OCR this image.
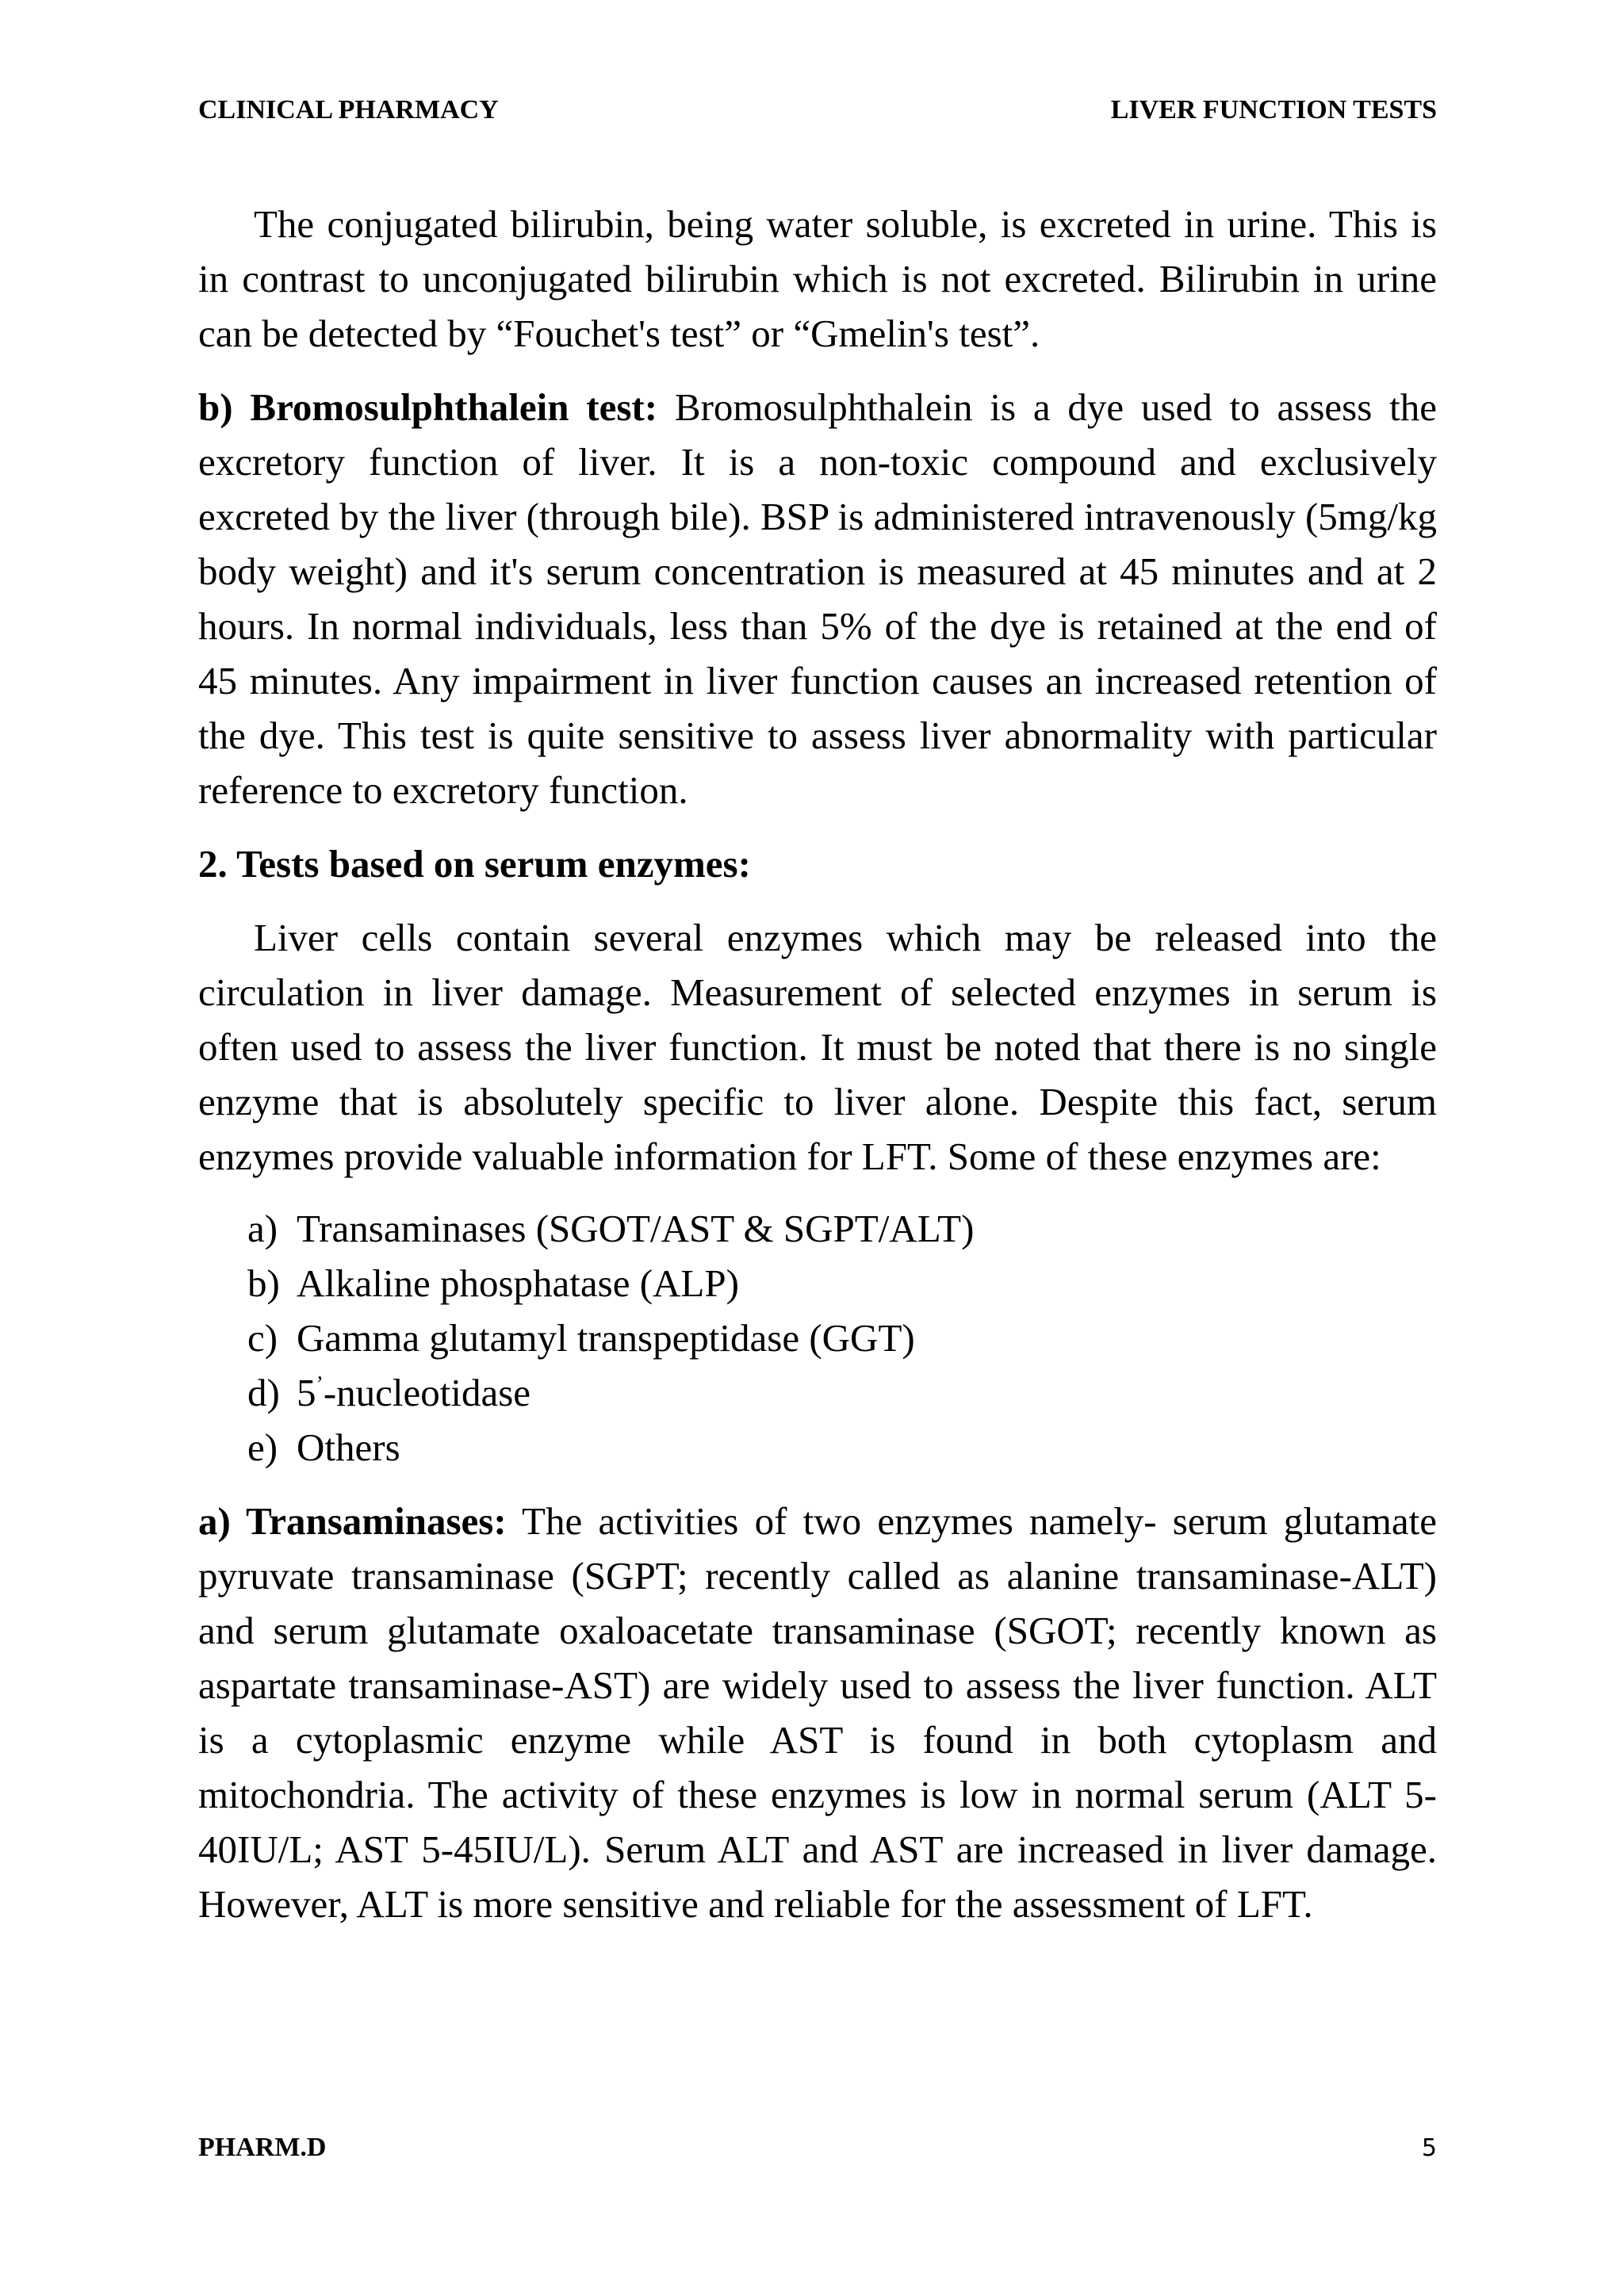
CLINICAL PHARMACY	LIVER FUNCTION TESTS

The conjugated bilirubin, being water soluble, is excreted in urine. This is in contrast to unconjugated bilirubin which is not excreted. Bilirubin in urine can be detected by “Fouchet's test” or “Gmelin's test”.

b) Bromosulphthalein test: Bromosulphthalein is a dye used to assess the excretory function of liver. It is a non-toxic compound and exclusively excreted by the liver (through bile). BSP is administered intravenously (5mg/kg body weight) and it's serum concentration is measured at 45 minutes and at 2 hours. In normal individuals, less than 5% of the dye is retained at the end of 45 minutes. Any impairment in liver function causes an increased retention of the dye. This test is quite sensitive to assess liver abnormality with particular reference to excretory function.

2. Tests based on serum enzymes:

Liver cells contain several enzymes which may be released into the circulation in liver damage. Measurement of selected enzymes in serum is often used to assess the liver function. It must be noted that there is no single enzyme that is absolutely specific to liver alone. Despite this fact, serum enzymes provide valuable information for LFT. Some of these enzymes are:

a) Transaminases (SGOT/AST & SGPT/ALT)
b) Alkaline phosphatase (ALP)
c) Gamma glutamyl transpeptidase (GGT)
d) 5’-nucleotidase
e) Others

a) Transaminases: The activities of two enzymes namely- serum glutamate pyruvate transaminase (SGPT; recently called as alanine transaminase-ALT) and serum glutamate oxaloacetate transaminase (SGOT; recently known as aspartate transaminase-AST) are widely used to assess the liver function. ALT is a cytoplasmic enzyme while AST is found in both cytoplasm and mitochondria. The activity of these enzymes is low in normal serum (ALT 5-40IU/L; AST 5-45IU/L). Serum ALT and AST are increased in liver damage. However, ALT is more sensitive and reliable for the assessment of LFT.

PHARM.D	5
